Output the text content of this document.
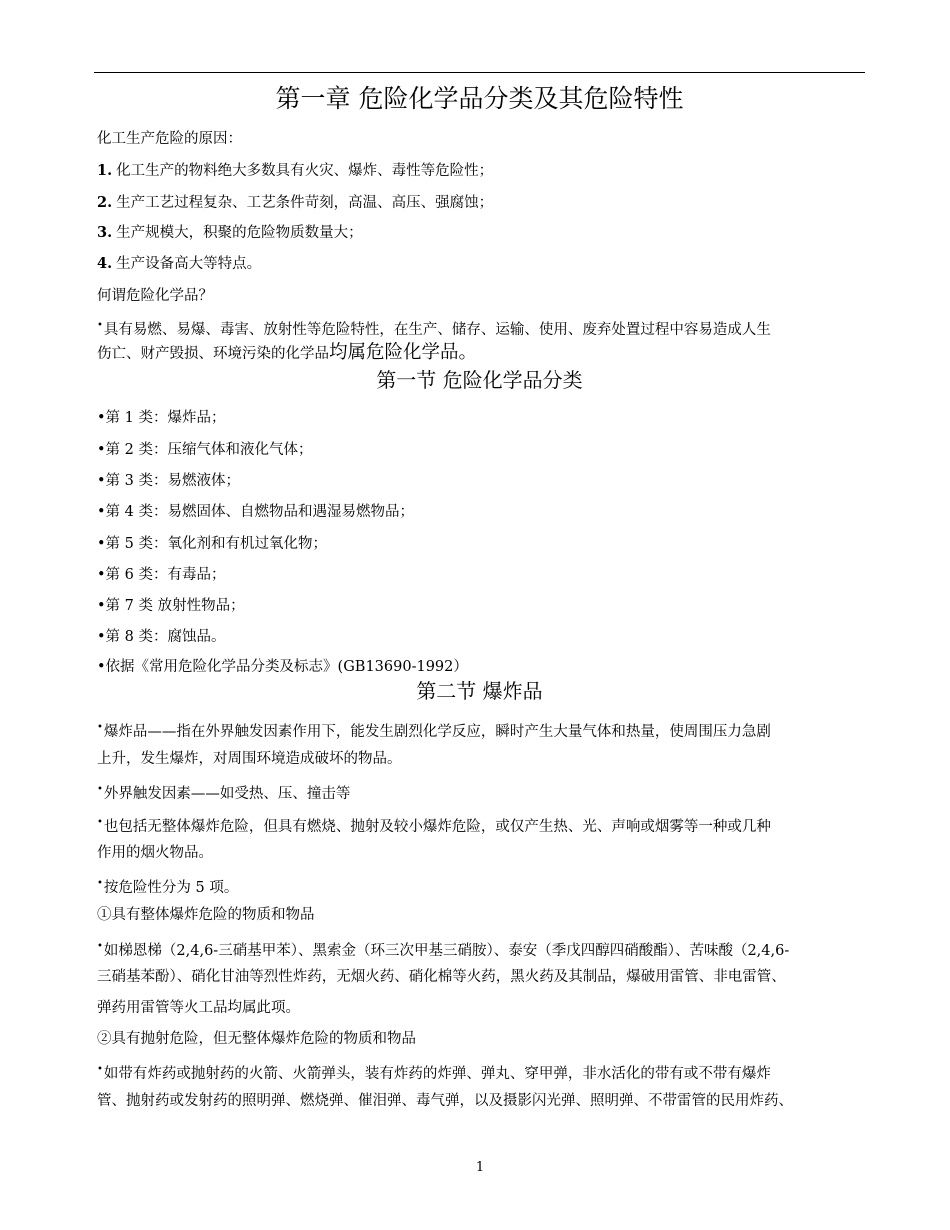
第一章 危险化学品分类及其危险特性
化工生产危险的原因：
1. 化工生产的物料绝大多数具有火灾、爆炸、毒性等危险性；
2. 生产工艺过程复杂、工艺条件苛刻，高温、高压、强腐蚀；
3. 生产规模大，积聚的危险物质数量大；
4. 生产设备高大等特点。
何谓危险化学品？
•具有易燃、易爆、毒害、放射性等危险特性，在生产、储存、运输、使用、废弃处置过程中容易造成人生
伤亡、财产毁损、环境污染的化学品均属危险化学品。
第一节 危险化学品分类
•第 1 类：爆炸品；
•第 2 类：压缩气体和液化气体；
•第 3 类：易燃液体；
•第 4 类：易燃固体、自燃物品和遇湿易燃物品；
•第 5 类：氧化剂和有机过氧化物；
•第 6 类：有毒品；
•第 7 类 放射性物品；
•第 8 类：腐蚀品。
•依据《常用危险化学品分类及标志》(GB13690-1992）
第二节 爆炸品
•爆炸品——指在外界触发因素作用下，能发生剧烈化学反应，瞬时产生大量气体和热量，使周围压力急剧
上升，发生爆炸，对周围环境造成破坏的物品。
•外界触发因素——如受热、压、撞击等
•也包括无整体爆炸危险，但具有燃烧、抛射及较小爆炸危险，或仅产生热、光、声响或烟雾等一种或几种
作用的烟火物品。
•按危险性分为 5 项。
①具有整体爆炸危险的物质和物品
•如梯恩梯（2,4,6-三硝基甲苯）、黑索金（环三次甲基三硝胺）、泰安（季戊四醇四硝酸酯）、苦味酸（2,4,6-
三硝基苯酚）、硝化甘油等烈性炸药，无烟火药、硝化棉等火药，黑火药及其制品，爆破用雷管、非电雷管、
弹药用雷管等火工品均属此项。
②具有抛射危险，但无整体爆炸危险的物质和物品
•如带有炸药或抛射药的火箭、火箭弹头，装有炸药的炸弹、弹丸、穿甲弹，非水活化的带有或不带有爆炸
管、抛射药或发射药的照明弹、燃烧弹、催泪弹、毒气弹，以及摄影闪光弹、照明弹、不带雷管的民用炸药、
1
